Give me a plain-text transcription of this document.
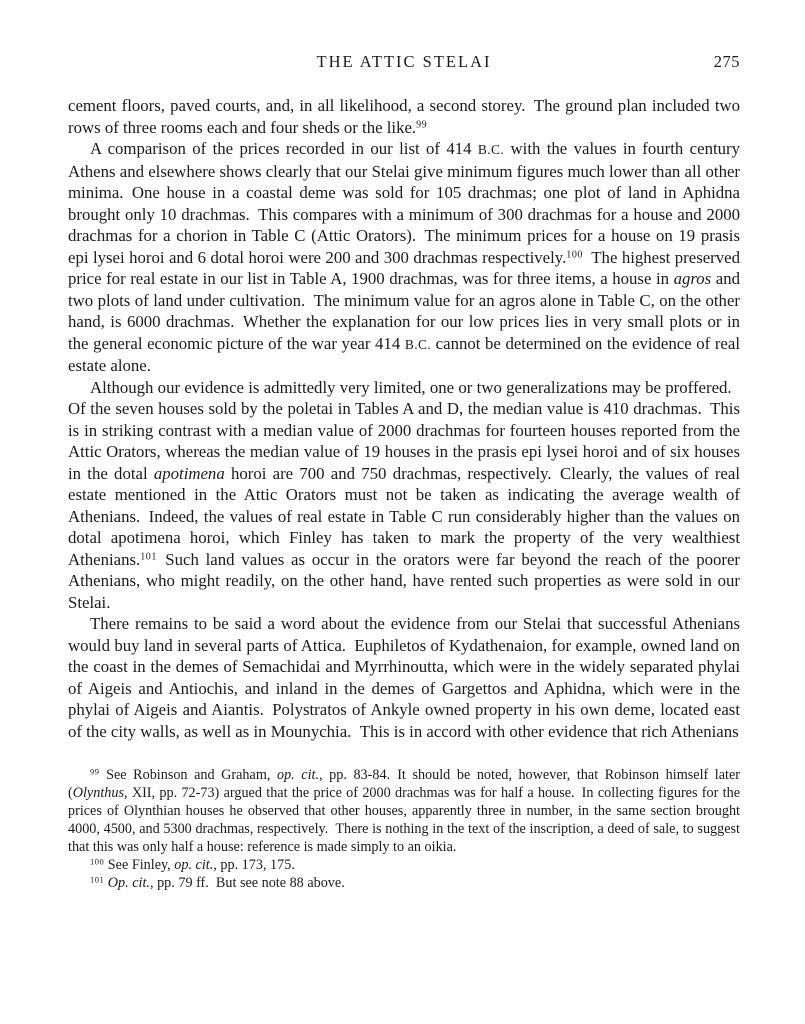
THE ATTIC STELAI	275

cement floors, paved courts, and, in all likelihood, a second storey. The ground plan included two rows of three rooms each and four sheds or the like.$^{99}$

A comparison of the prices recorded in our list of 414 B.C. with the values in fourth century Athens and elsewhere shows clearly that our Stelai give minimum figures much lower than all other minima. One house in a coastal deme was sold for 105 drachmas; one plot of land in Aphidna brought only 10 drachmas. This compares with a minimum of 300 drachmas for a house and 2000 drachmas for a chorion in Table C (Attic Orators). The minimum prices for a house on 19 prasis epi lysei horoi and 6 dotal horoi were 200 and 300 drachmas respectively.$^{100}$ The highest preserved price for real estate in our list in Table A, 1900 drachmas, was for three items, a house in agros and two plots of land under cultivation. The minimum value for an agros alone in Table C, on the other hand, is 6000 drachmas. Whether the explanation for our low prices lies in very small plots or in the general economic picture of the war year 414 B.C. cannot be determined on the evidence of real estate alone.

Although our evidence is admittedly very limited, one or two generalizations may be proffered. Of the seven houses sold by the poletai in Tables A and D, the median value is 410 drachmas. This is in striking contrast with a median value of 2000 drachmas for fourteen houses reported from the Attic Orators, whereas the median value of 19 houses in the prasis epi lysei horoi and of six houses in the dotal apotimena horoi are 700 and 750 drachmas, respectively. Clearly, the values of real estate mentioned in the Attic Orators must not be taken as indicating the average wealth of Athenians. Indeed, the values of real estate in Table C run considerably higher than the values on dotal apotimena horoi, which Finley has taken to mark the property of the very wealthiest Athenians.$^{101}$ Such land values as occur in the orators were far beyond the reach of the poorer Athenians, who might readily, on the other hand, have rented such properties as were sold in our Stelai.

There remains to be said a word about the evidence from our Stelai that successful Athenians would buy land in several parts of Attica. Euphiletos of Kydathenaion, for example, owned land on the coast in the demes of Semachidai and Myrrhinoutta, which were in the widely separated phylai of Aigeis and Antiochis, and inland in the demes of Gargettos and Aphidna, which were in the phylai of Aigeis and Aiantis. Polystratos of Ankyle owned property in his own deme, located east of the city walls, as well as in Mounychia. This is in accord with other evidence that rich Athenians

$^{99}$ See Robinson and Graham, op. cit., pp. 83-84. It should be noted, however, that Robinson himself later (Olynthus, XII, pp. 72-73) argued that the price of 2000 drachmas was for half a house. In collecting figures for the prices of Olynthian houses he observed that other houses, apparently three in number, in the same section brought 4000, 4500, and 5300 drachmas, respectively. There is nothing in the text of the inscription, a deed of sale, to suggest that this was only half a house: reference is made simply to an oikia.

$^{100}$ See Finley, op. cit., pp. 173, 175.

$^{101}$ Op. cit., pp. 79 ff. But see note 88 above.
